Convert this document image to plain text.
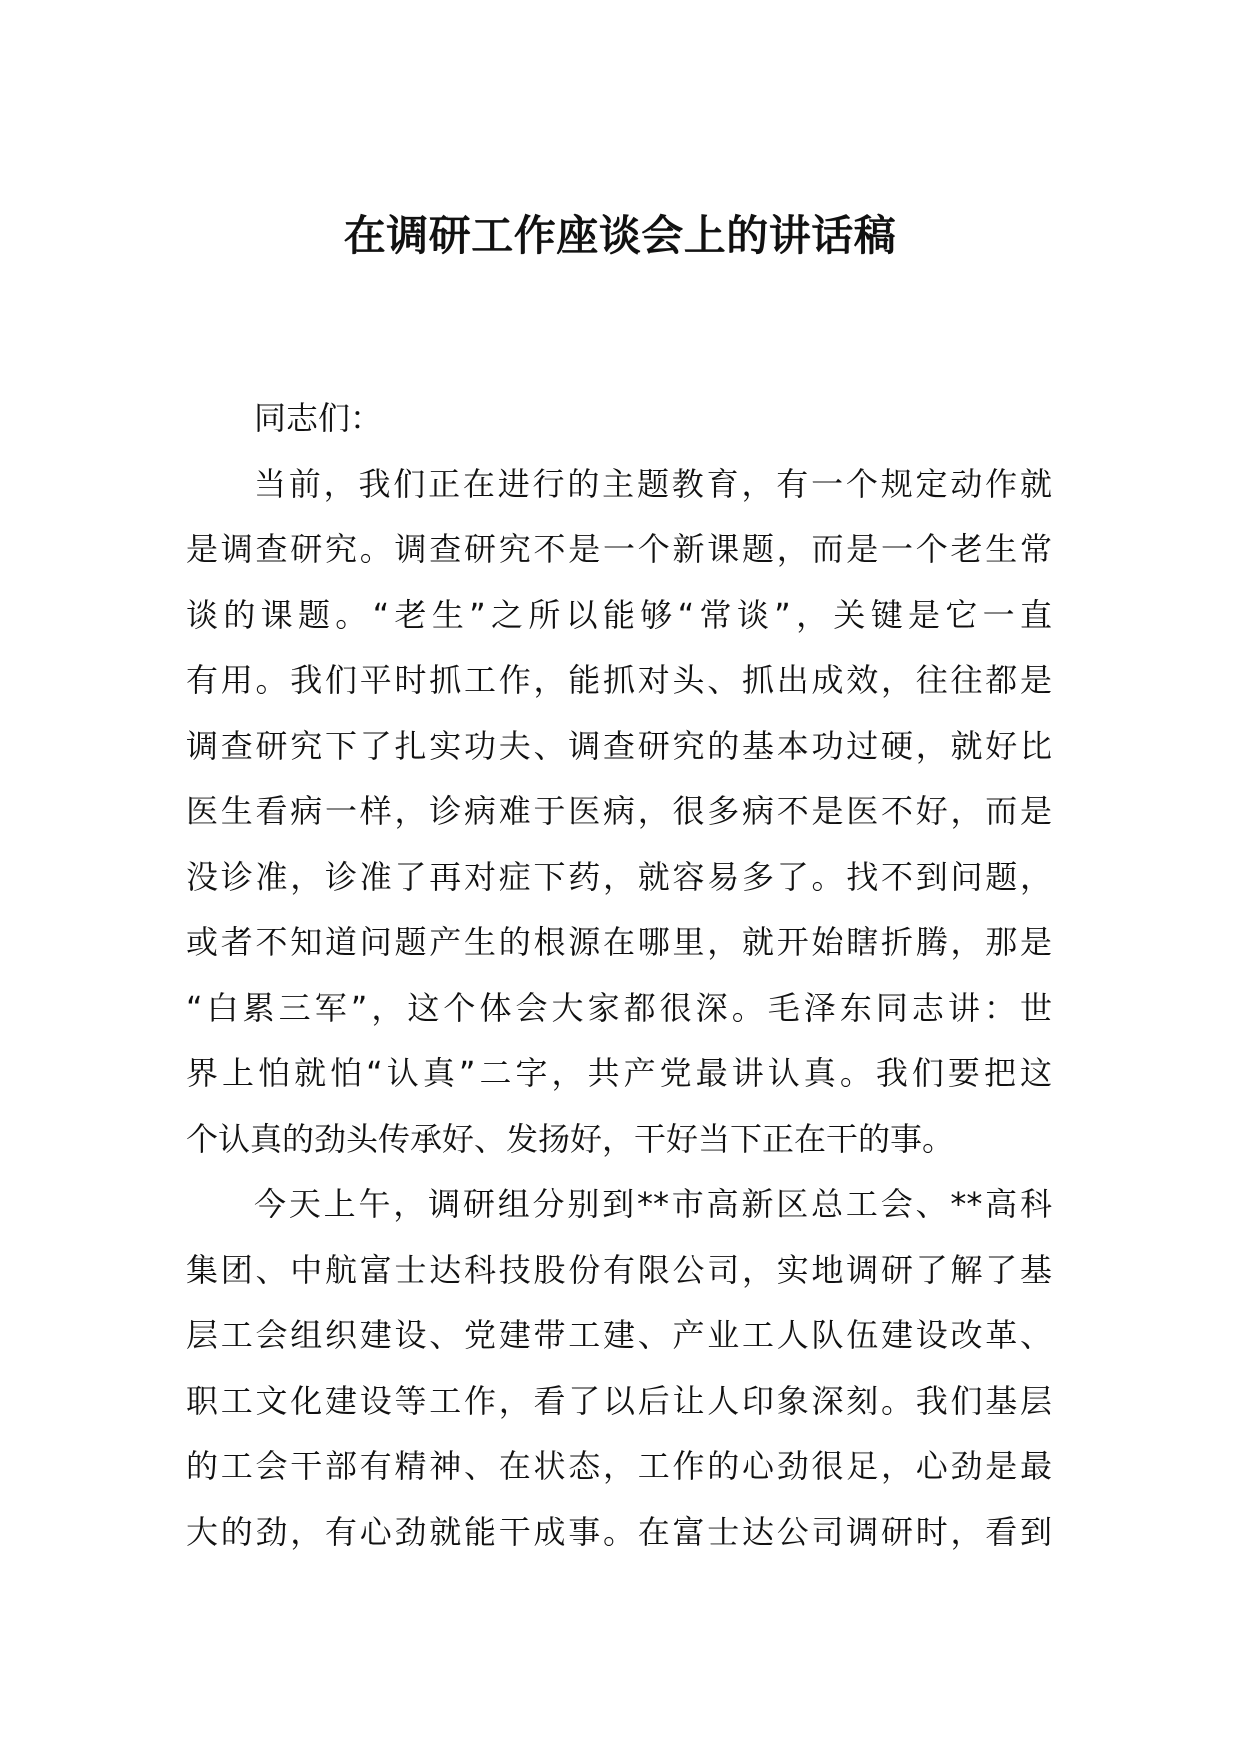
在调研工作座谈会上的讲话稿
同志们：
当前，我们正在进行的主题教育，有一个规定动作就
是调查研究。调查研究不是一个新课题，而是一个老生常
谈的课题。“老生”之所以能够“常谈”，关键是它一直
有用。我们平时抓工作，能抓对头、抓出成效，往往都是
调查研究下了扎实功夫、调查研究的基本功过硬，就好比
医生看病一样，诊病难于医病，很多病不是医不好，而是
没诊准，诊准了再对症下药，就容易多了。找不到问题，
或者不知道问题产生的根源在哪里，就开始瞎折腾，那是
“白累三军”，这个体会大家都很深。毛泽东同志讲：世
界上怕就怕“认真”二字，共产党最讲认真。我们要把这
个认真的劲头传承好、发扬好，干好当下正在干的事。
今天上午，调研组分别到**市高新区总工会、**高科
集团、中航富士达科技股份有限公司，实地调研了解了基
层工会组织建设、党建带工建、产业工人队伍建设改革、
职工文化建设等工作，看了以后让人印象深刻。我们基层
的工会干部有精神、在状态，工作的心劲很足，心劲是最
大的劲，有心劲就能干成事。在富士达公司调研时，看到
